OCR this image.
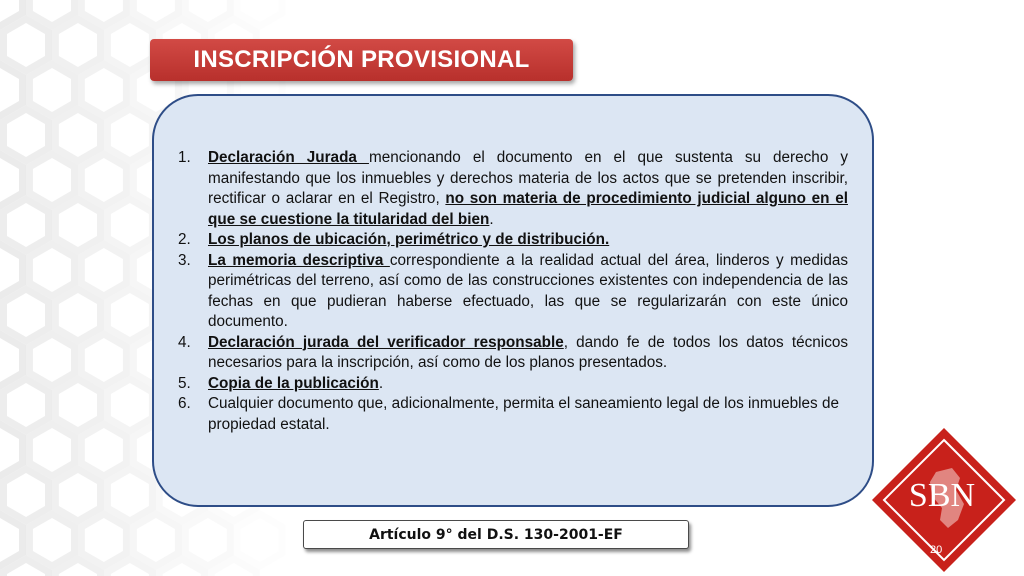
INSCRIPCIÓN PROVISIONAL
1. Declaración Jurada mencionando el documento en el que sustenta su derecho y manifestando que los inmuebles y derechos materia de los actos que se pretenden inscribir, rectificar o aclarar en el Registro, no son materia de procedimiento judicial alguno en el que se cuestione la titularidad del bien.
2. Los planos de ubicación, perimétrico y de distribución.
3. La memoria descriptiva correspondiente a la realidad actual del área, linderos y medidas perimétricas del terreno, así como de las construcciones existentes con independencia de las fechas en que pudieran haberse efectuado, las que se regularizarán con este único documento.
4. Declaración jurada del verificador responsable, dando fe de todos los datos técnicos necesarios para la inscripción, así como de los planos presentados.
5. Copia de la publicación.
6. Cualquier documento que, adicionalmente, permita el saneamiento legal de los inmuebles de
propiedad estatal.
Artículo 9° del D.S. 130-2001-EF
SBN
20
